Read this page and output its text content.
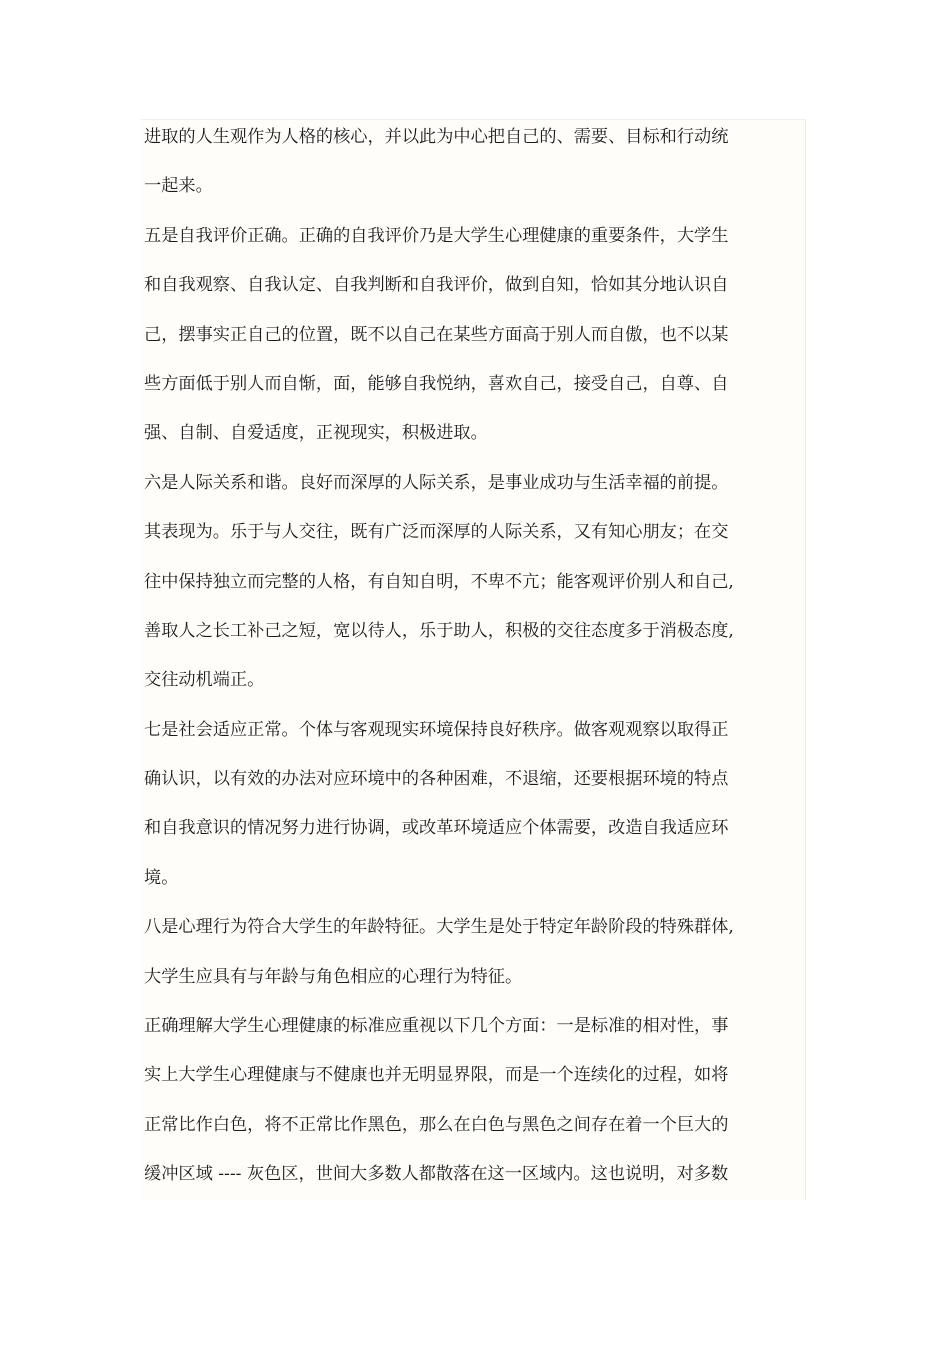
进取的人生观作为人格的核心，并以此为中心把自己的、需要、目标和行动统
一起来。
五是自我评价正确。正确的自我评价乃是大学生心理健康的重要条件，大学生
和自我观察、自我认定、自我判断和自我评价，做到自知，恰如其分地认识自
己，摆事实正自己的位置，既不以自己在某些方面高于别人而自傲，也不以某
些方面低于别人而自惭，面，能够自我悦纳，喜欢自己，接受自己，自尊、自
强、自制、自爱适度，正视现实，积极进取。
六是人际关系和谐。良好而深厚的人际关系，是事业成功与生活幸福的前提。
其表现为。乐于与人交往，既有广泛而深厚的人际关系，又有知心朋友；在交
往中保持独立而完整的人格，有自知自明，不卑不亢；能客观评价别人和自己,
善取人之长工补己之短，宽以待人，乐于助人，积极的交往态度多于消极态度,
交往动机端正。
七是社会适应正常。个体与客观现实环境保持良好秩序。做客观观察以取得正
确认识，以有效的办法对应环境中的各种困难，不退缩，还要根据环境的特点
和自我意识的情况努力进行协调，或改革环境适应个体需要，改造自我适应环
境。
八是心理行为符合大学生的年龄特征。大学生是处于特定年龄阶段的特殊群体,
大学生应具有与年龄与角色相应的心理行为特征。
正确理解大学生心理健康的标准应重视以下几个方面：一是标准的相对性，事
实上大学生心理健康与不健康也并无明显界限，而是一个连续化的过程，如将
正常比作白色，将不正常比作黑色，那么在白色与黑色之间存在着一个巨大的
缓冲区域 ---- 灰色区，世间大多数人都散落在这一区域内。这也说明，对多数
